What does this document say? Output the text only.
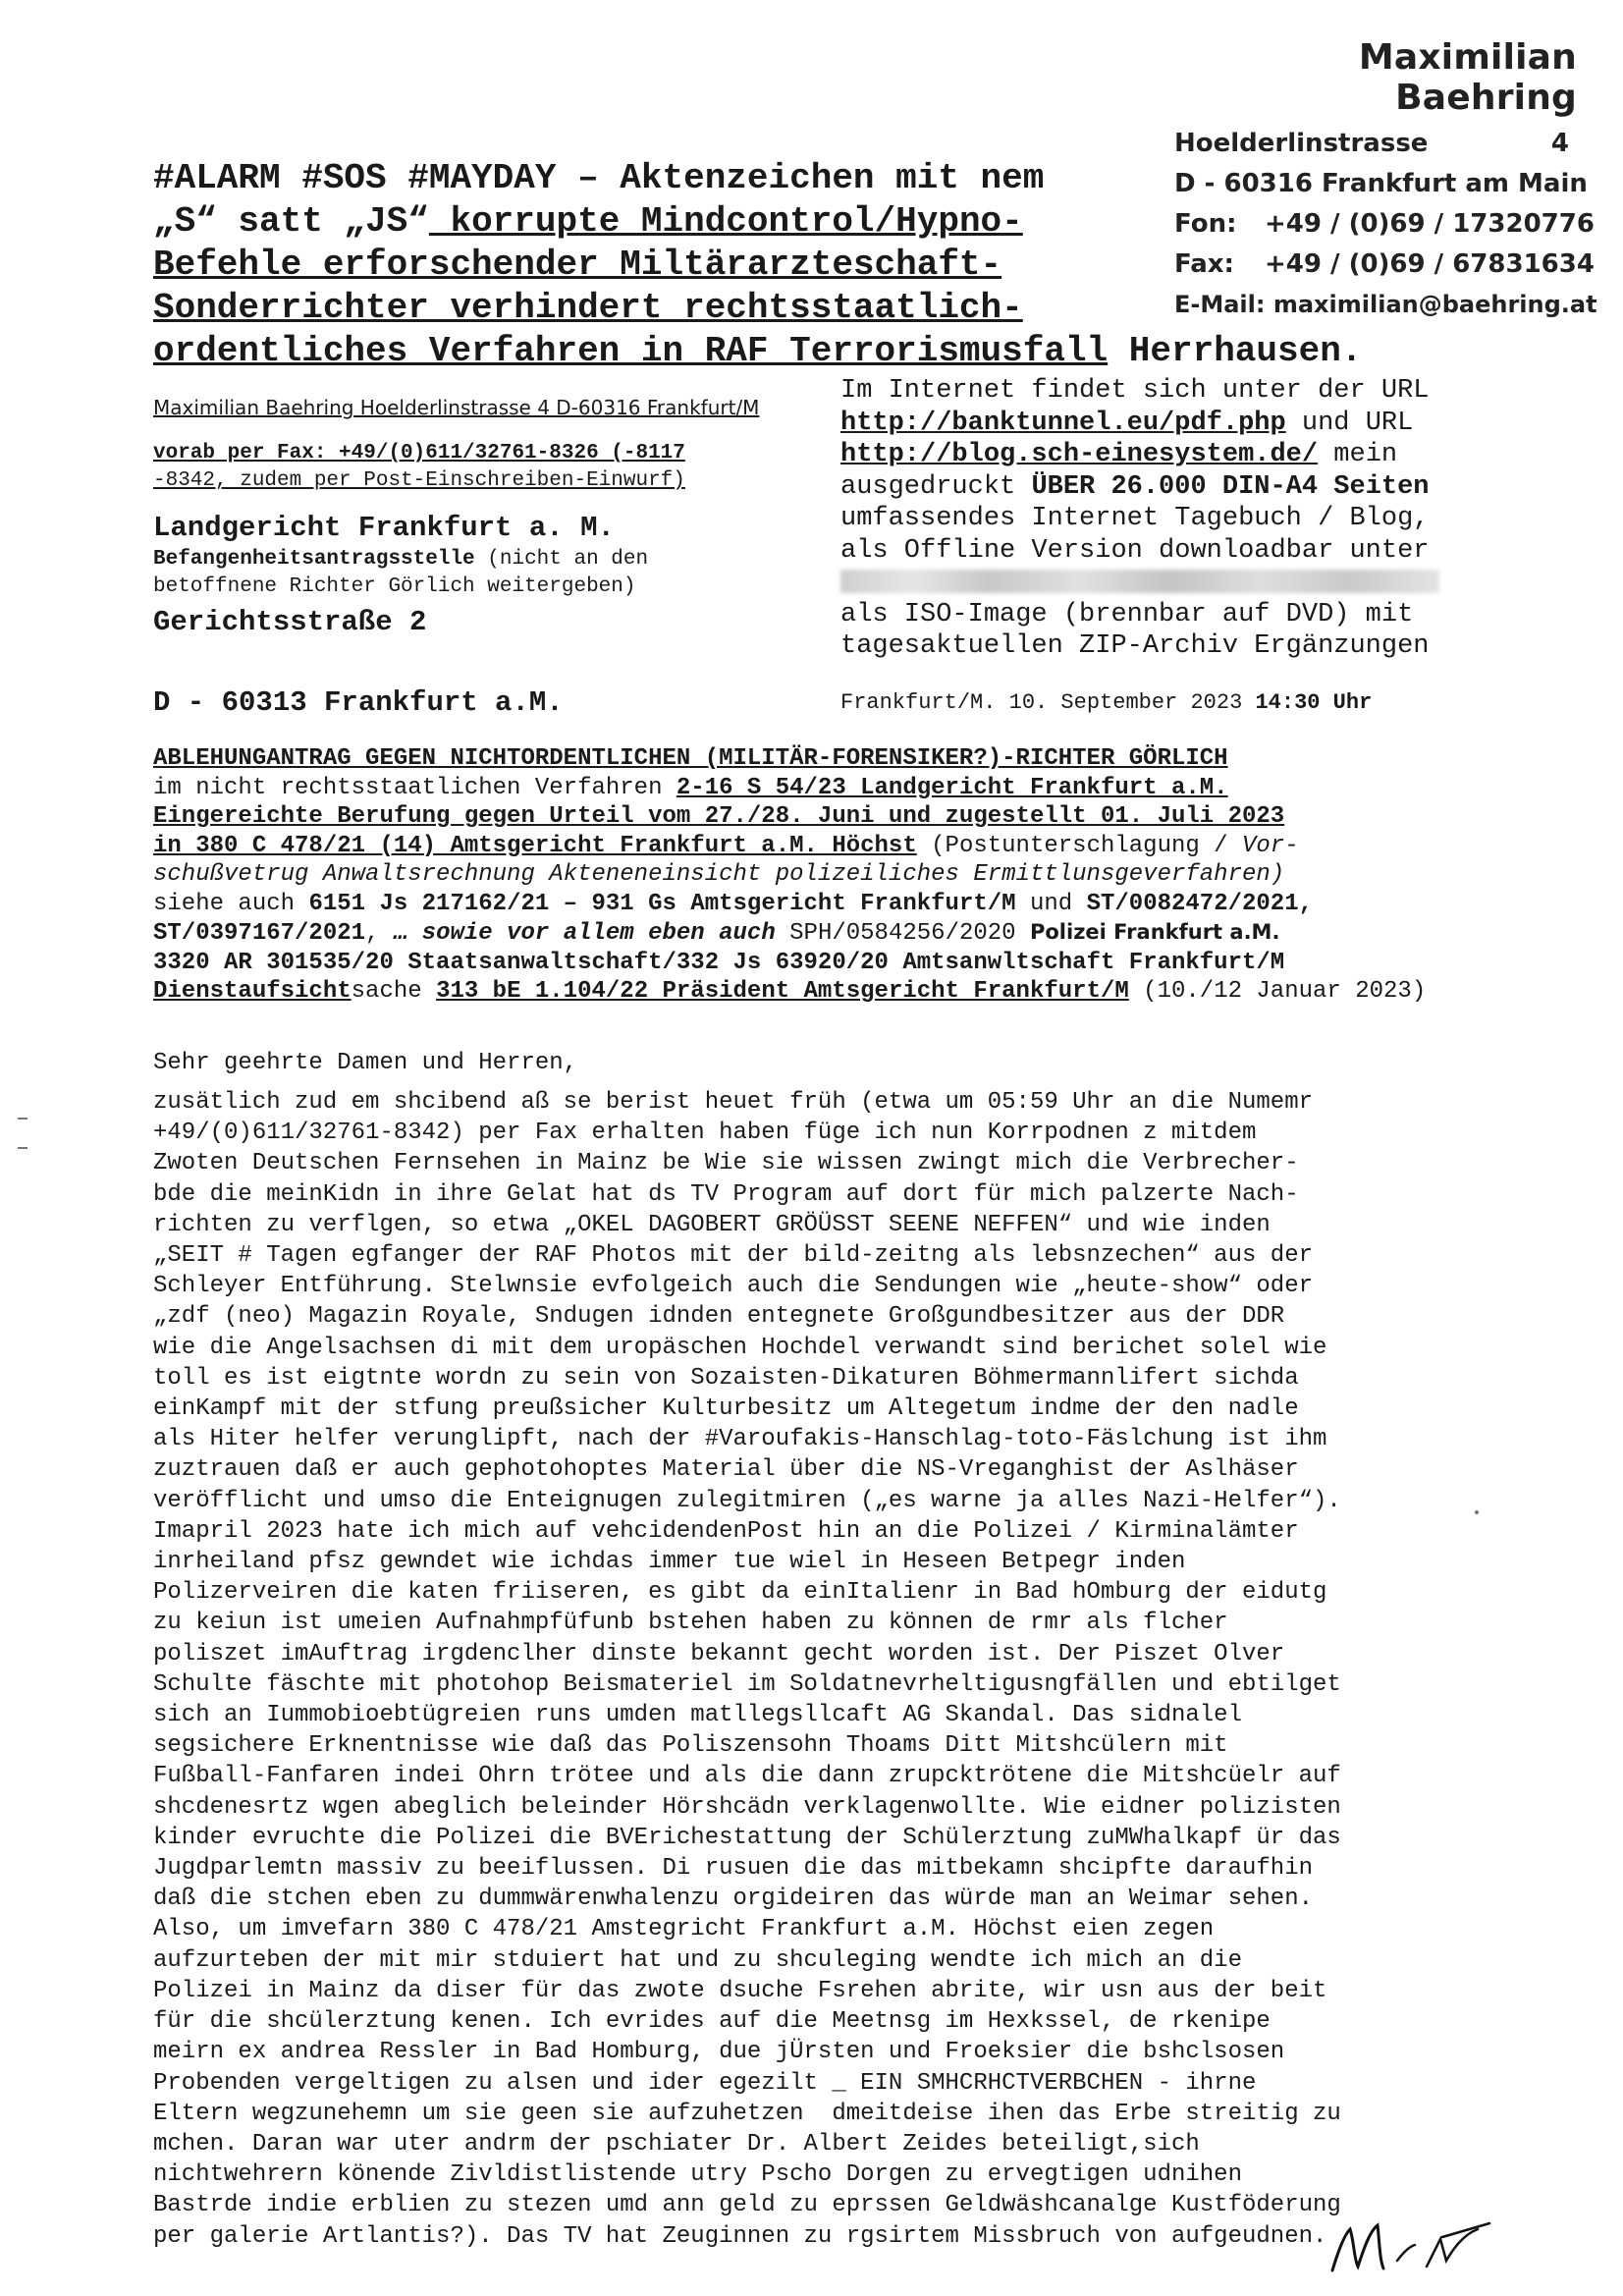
Maximilian Baehring
Hoelderlinstrasse	4
D - 60316 Frankfurt am Main
Fon: +49 / (0)69 / 17320776
Fax: +49 / (0)69 / 67831634
E-Mail: maximilian@baehring.at
#ALARM #SOS #MAYDAY – Aktenzeichen mit nem
„S“ satt „JS“ korrupte Mindcontrol/Hypno-
Befehle erforschender Miltärarzteschaft-
Sonderrichter verhindert rechtsstaatlich-
ordentliches Verfahren in RAF Terrorismusfall Herrhausen.
Maximilian Baehring Hoelderlinstrasse 4 D-60316 Frankfurt/M
vorab per Fax: +49/(0)611/32761-8326 (-8117
-8342, zudem per Post-Einschreiben-Einwurf)
Landgericht Frankfurt a. M.
Befangenheitsantragsstelle (nicht an den
betoffnene Richter Görlich weitergeben)
Gerichtsstraße 2
D - 60313 Frankfurt a.M.
Im Internet findet sich unter der URL
http://banktunnel.eu/pdf.php und URL
http://blog.sch-einesystem.de/ mein
ausgedruckt ÜBER 26.000 DIN-A4 Seiten
umfassendes Internet Tagebuch / Blog,
als Offline Version downloadbar unter
als ISO-Image (brennbar auf DVD) mit
tagesaktuellen ZIP-Archiv Ergänzungen
Frankfurt/M. 10. September 2023 14:30 Uhr
ABLEHUNGANTRAG GEGEN NICHTORDENTLICHEN (MILITÄR-FORENSIKER?)-RICHTER GÖRLICH
im nicht rechtsstaatlichen Verfahren 2-16 S 54/23 Landgericht Frankfurt a.M.
Eingereichte Berufung gegen Urteil vom 27./28. Juni und zugestellt 01. Juli 2023
in 380 C 478/21 (14) Amtsgericht Frankfurt a.M. Höchst (Postunterschlagung / Vor-
schußvetrug Anwaltsrechnung Akteneneinsicht polizeiliches Ermittlunsgeverfahren)
siehe auch 6151 Js 217162/21 – 931 Gs Amtsgericht Frankfurt/M und ST/0082472/2021,
ST/0397167/2021, … sowie vor allem eben auch SPH/0584256/2020 Polizei Frankfurt a.M.
3320 AR 301535/20 Staatsanwaltschaft/332 Js 63920/20 Amtsanwltschaft Frankfurt/M
Dienstaufsichtsache 313 bE 1.104/22 Präsident Amtsgericht Frankfurt/M (10./12 Januar 2023)
Sehr geehrte Damen und Herren,
zusätlich zud em shcibend aß se berist heuet früh (etwa um 05:59 Uhr an die Numemr
+49/(0)611/32761-8342) per Fax erhalten haben füge ich nun Korrpodnen z mitdem
Zwoten Deutschen Fernsehen in Mainz be Wie sie wissen zwingt mich die Verbrecher-
bde die meinKidn in ihre Gelat hat ds TV Program auf dort für mich palzerte Nach-
richten zu verflgen, so etwa „OKEL DAGOBERT GRÖÜSST SEENE NEFFEN“ und wie inden
„SEIT # Tagen egfanger der RAF Photos mit der bild-zeitng als lebsnzechen“ aus der
Schleyer Entführung. Stelwnsie evfolgeich auch die Sendungen wie „heute-show“ oder
„zdf (neo) Magazin Royale, Sndugen idnden entegnete Großgundbesitzer aus der DDR
wie die Angelsachsen di mit dem uropäschen Hochdel verwandt sind berichet solel wie
toll es ist eigtnte wordn zu sein von Sozaisten-Dikaturen Böhmermannlifert sichda
einKampf mit der stfung preußsicher Kulturbesitz um Altegetum indme der den nadle
als Hiter helfer verunglipft, nach der #Varoufakis-Hanschlag-toto-Fäslchung ist ihm
zuztrauen daß er auch gephotohoptes Material über die NS-Vreganghist der Aslhäser
veröfflicht und umso die Enteignugen zulegitmiren („es warne ja alles Nazi-Helfer“).
Imapril 2023 hate ich mich auf vehcidendenPost hin an die Polizei / Kirminalämter
inrheiland pfsz gewndet wie ichdas immer tue wiel in Heseen Betpegr inden
Polizerveiren die katen friiseren, es gibt da einItalienr in Bad hOmburg der eidutg
zu keiun ist umeien Aufnahmpfüfunb bstehen haben zu können de rmr als flcher
poliszet imAuftrag irgdenclher dinste bekannt gecht worden ist. Der Piszet Olver
Schulte fäschte mit photohop Beismateriel im Soldatnevrheltigusngfällen und ebtilget
sich an Iummobioebtügreien runs umden matllegsllcaft AG Skandal. Das sidnalel
segsichere Erknentnisse wie daß das Poliszensohn Thoams Ditt Mitshcülern mit
Fußball-Fanfaren indei Ohrn trötee und als die dann zrupcktrötene die Mitshcüelr auf
shcdenesrtz wgen abeglich beleinder Hörshcädn verklagenwollte. Wie eidner polizisten
kinder evruchte die Polizei die BVErichestattung der Schülerztung zuMWhalkapf ür das
Jugdparlemtn massiv zu beeiflussen. Di rusuen die das mitbekamn shcipfte daraufhin
daß die stchen eben zu dummwärenwhalenzu orgideiren das würde man an Weimar sehen.
Also, um imvefarn 380 C 478/21 Amstegricht Frankfurt a.M. Höchst eien zegen
aufzurteben der mit mir stduiert hat und zu shculeging wendte ich mich an die
Polizei in Mainz da diser für das zwote dsuche Fsrehen abrite, wir usn aus der beit
für die shcülerztung kenen. Ich evrides auf die Meetnsg im Hexkssel, de rkenipe
meirn ex andrea Ressler in Bad Homburg, due jÜrsten und Froeksier die bshclsosen
Probenden vergeltigen zu alsen und ider egezilt _ EIN SMHCRHCTVERBCHEN - ihrne
Eltern wegzunehemn um sie geen sie aufzuhetzen  dmeitdeise ihen das Erbe streitig zu
mchen. Daran war uter andrm der pschiater Dr. Albert Zeides beteiligt,sich
nichtwehrern könende Zivldistlistende utry Pscho Dorgen zu ervegtigen udnihen
Bastrde indie erblien zu stezen umd ann geld zu eprssen Geldwäshcanalge Kustföderung
per galerie Artlantis?). Das TV hat Zeuginnen zu rgsirtem Missbruch von aufgeudnen.
